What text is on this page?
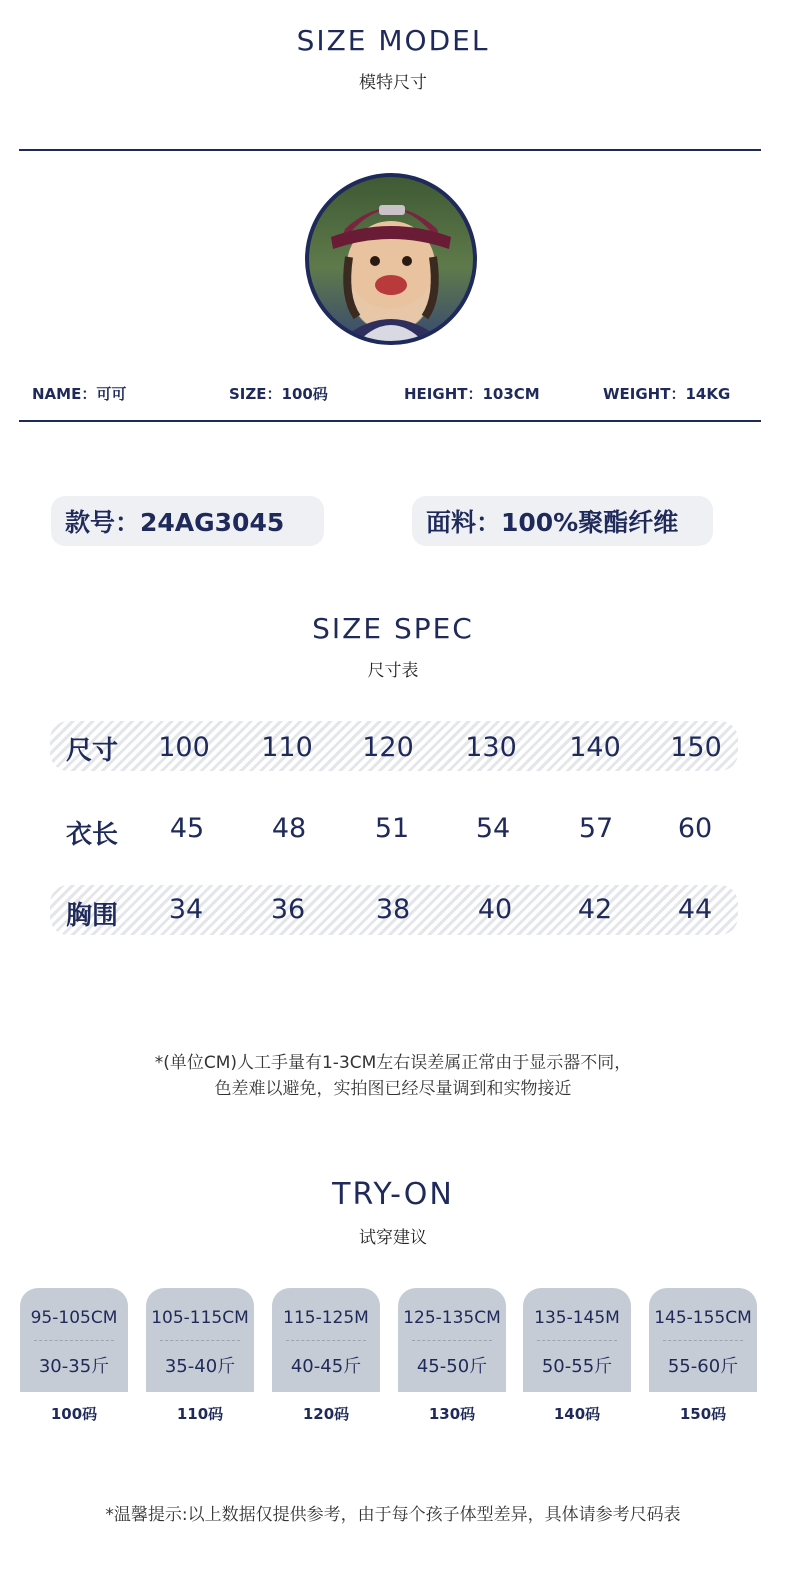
SIZE MODEL
模特尺寸
NAME：可可	SIZE：100码	HEIGHT：103CM	WEIGHT：14KG
款号：24AG3045	面料：100%聚酯纤维
SIZE SPEC
尺寸表
尺寸	100	110	120	130	140	150
衣长	45	48	51	54	57	60
胸围	34	36	38	40	42	44
*(单位CM)人工手量有1-3CM左右误差属正常由于显示器不同，
色差难以避免，实拍图已经尽量调到和实物接近
TRY-ON
试穿建议
95-105CM
30-35斤
105-115CM
35-40斤
115-125M
40-45斤
125-135CM
45-50斤
135-145M
50-55斤
145-155CM
55-60斤
100码	110码	120码	130码	140码	150码
*温馨提示:以上数据仅提供参考，由于每个孩子体型差异，具体请参考尺码表
